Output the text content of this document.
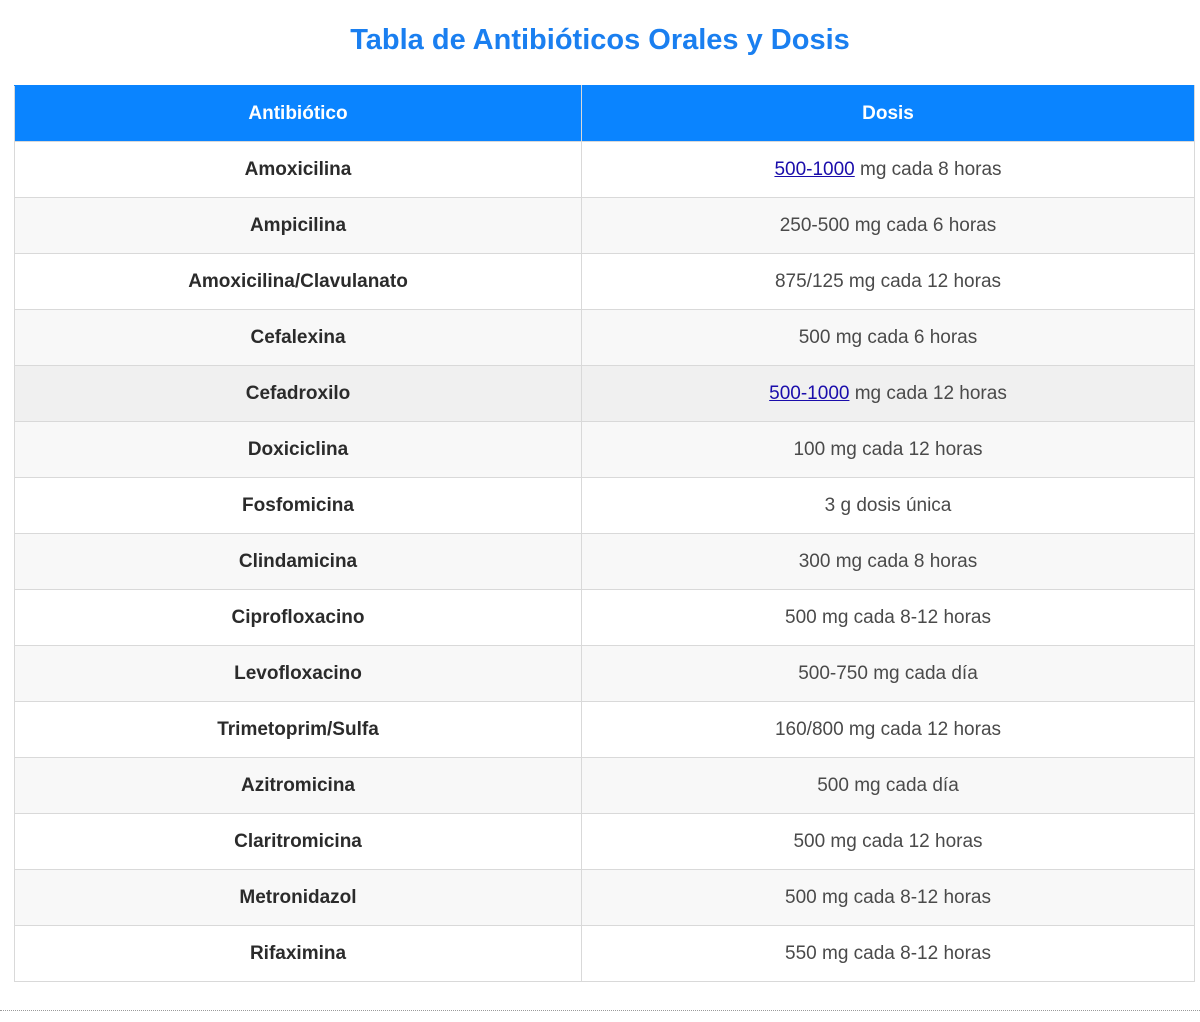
Tabla de Antibióticos Orales y Dosis
Antibiótico	Dosis
Amoxicilina	500-1000 mg cada 8 horas
Ampicilina	250-500 mg cada 6 horas
Amoxicilina/Clavulanato	875/125 mg cada 12 horas
Cefalexina	500 mg cada 6 horas
Cefadroxilo	500-1000 mg cada 12 horas
Doxiciclina	100 mg cada 12 horas
Fosfomicina	3 g dosis única
Clindamicina	300 mg cada 8 horas
Ciprofloxacino	500 mg cada 8-12 horas
Levofloxacino	500-750 mg cada día
Trimetoprim/Sulfa	160/800 mg cada 12 horas
Azitromicina	500 mg cada día
Claritromicina	500 mg cada 12 horas
Metronidazol	500 mg cada 8-12 horas
Rifaximina	550 mg cada 8-12 horas
